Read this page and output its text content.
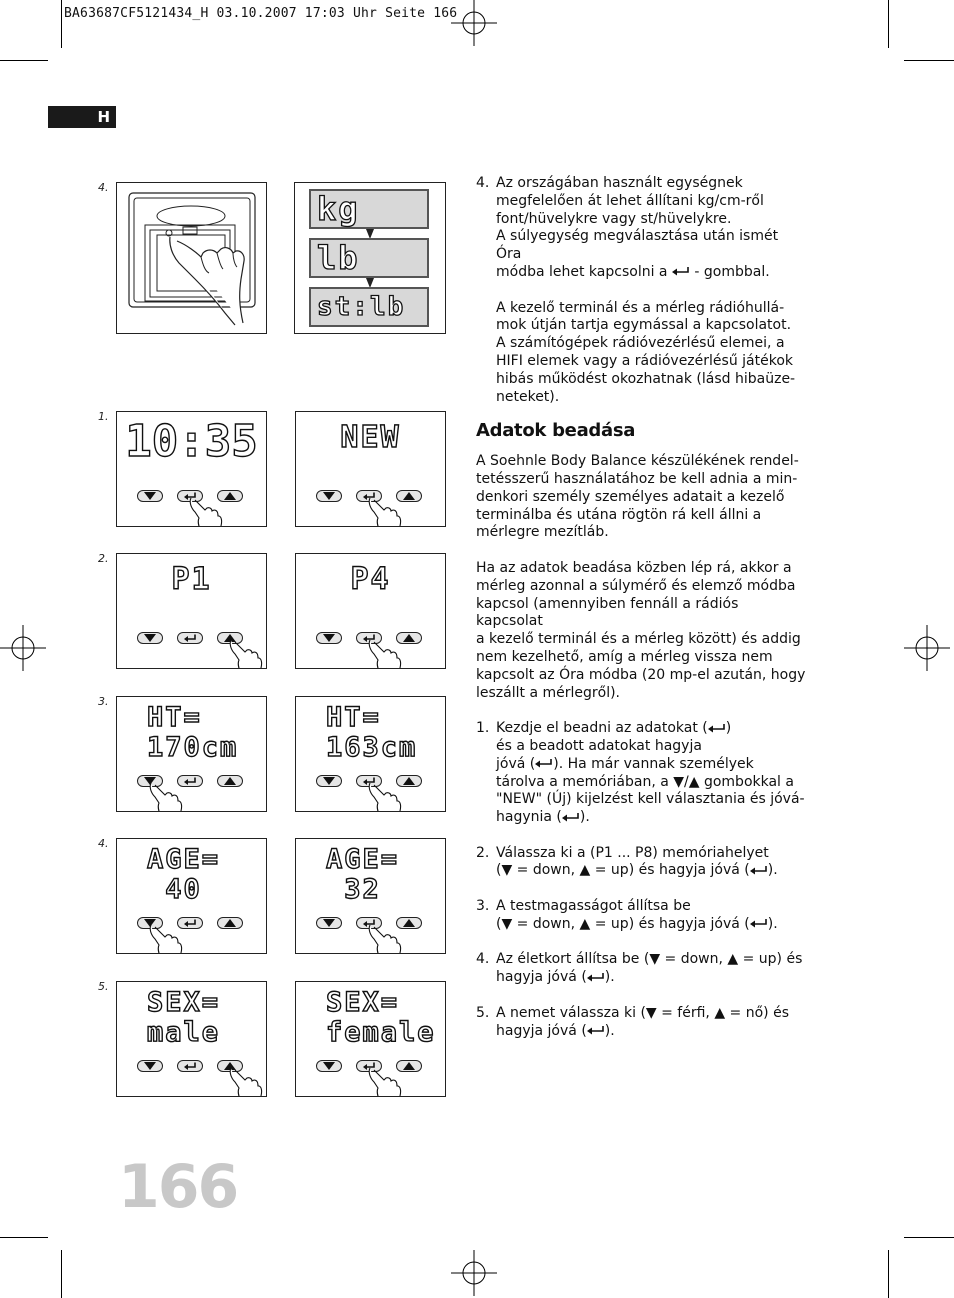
BA63687CF5121434_H 03.10.2007 17:03 Uhr Seite 166
H
4.
kg
lb
st:lb
1. 10:35	NEW
2.
P1	P4
3.
HT=
170cm
HT=
163cm
4.
AGE=
40
AGE=
32
5.
SEX=
male
SEX=
female
4. Az országában használt egységnek
megfelelően át lehet állítani kg/cm-ről
font/hüvelykre vagy st/hüvelykre.
A súlyegység megválasztása után ismét Óra
módba lehet kapcsolni a  - gombbal.
A kezelő terminál és a mérleg rádióhullá-
mok útján tartja egymással a kapcsolatot.
A számítógépek rádióvezérlésű elemei, a
HIFI elemek vagy a rádióvezérlésű játékok
hibás működést okozhatnak (lásd hibaüze-
neteket).
Adatok beadása
A Soehnle Body Balance készülékének rendel-
tetésszerű használatához be kell adnia a min-
denkori személy személyes adatait a kezelő
terminálba és utána rögtön rá kell állni a
mérlegre mezítláb.
Ha az adatok beadása közben lép rá, akkor a
mérleg azonnal a súlymérő és elemző módba
kapcsol (amennyiben fennáll a rádiós kapcsolat
a kezelő terminál és a mérleg között) és addig
nem kezelhető, amíg a mérleg vissza nem
kapcsolt az Óra módba (20 mp-el azután, hogy
leszállt a mérlegről).
1. Kezdje el beadni az adatokat ( )
és a beadott adatokat hagyja
jóvá ( ). Ha már vannak személyek
tárolva a memóriában, a ▼/▲ gombokkal a
"NEW" (Új) kijelzést kell választania és jóvá-
hagynia ( ).
2. Válassza ki a (P1 ... P8) memóriahelyet
(▼ = down, ▲ = up) és hagyja jóvá ( ).
3. A testmagasságot állítsa be
(▼ = down, ▲ = up) és hagyja jóvá ( ).
4. Az életkort állítsa be (▼ = down, ▲ = up) és
hagyja jóvá ( ).
5. A nemet válassza ki (▼ = férfi, ▲ = nő) és
hagyja jóvá ( ).
166
